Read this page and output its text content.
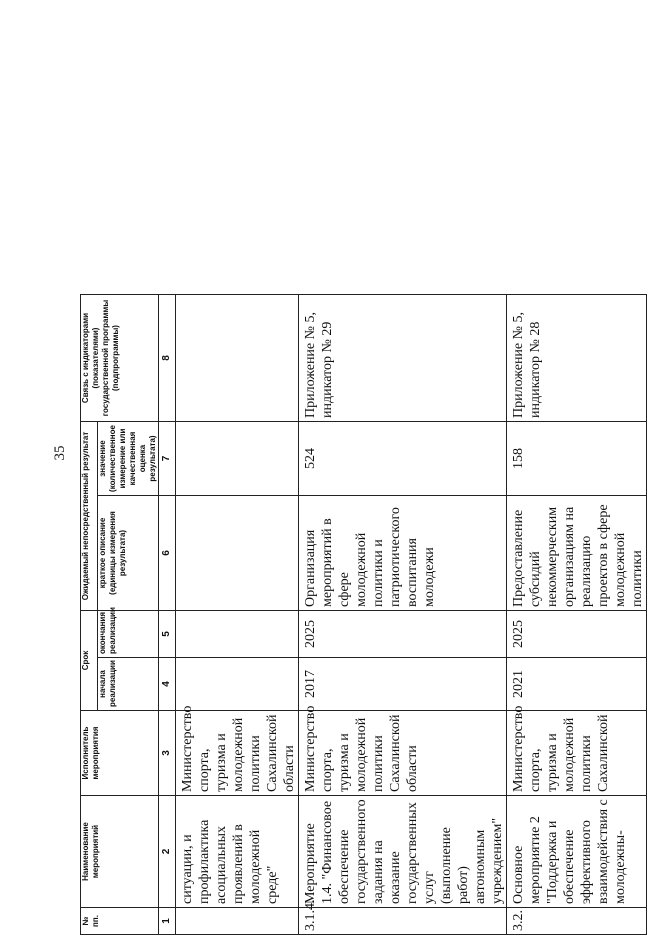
35
№ пп.	Наименование мероприятий	Исполнитель мероприятия	Срок		Ожидаемый непосредственный результат		Связь с индикаторами (показателями) государственной программы (подпрограммы)
			начала реализации	окончания реализации	краткое описание (единицы измерения результата)	значение (количественное измерение или качественная оценка результата)	
1	2	3	4	5	6	7	8
	ситуации, и профилактика асоциальных проявлений в молодежной среде"	Министерство спорта, туризма и молодежной политики Сахалинской области					
3.1.4.	Мероприятие 1.4. "Финансовое обеспечение государственного задания на оказание государственных услуг (выполнение работ) автономным учреждением"	Министерство спорта, туризма и молодежной политики Сахалинской области	2017	2025	Организация мероприятий в сфере молодежной политики и патриотического воспитания молодежи	524	Приложение № 5, индикатор № 29
3.2.	Основное мероприятие 2 "Поддержка и обеспечение эффективного взаимодействия с молодежны-	Министерство спорта, туризма и молодежной политики Сахалинской	2021	2025	Предоставление субсидий некоммерческим организациям на реализацию проектов в сфере молодежной политики	158	Приложение № 5, индикатор № 28
